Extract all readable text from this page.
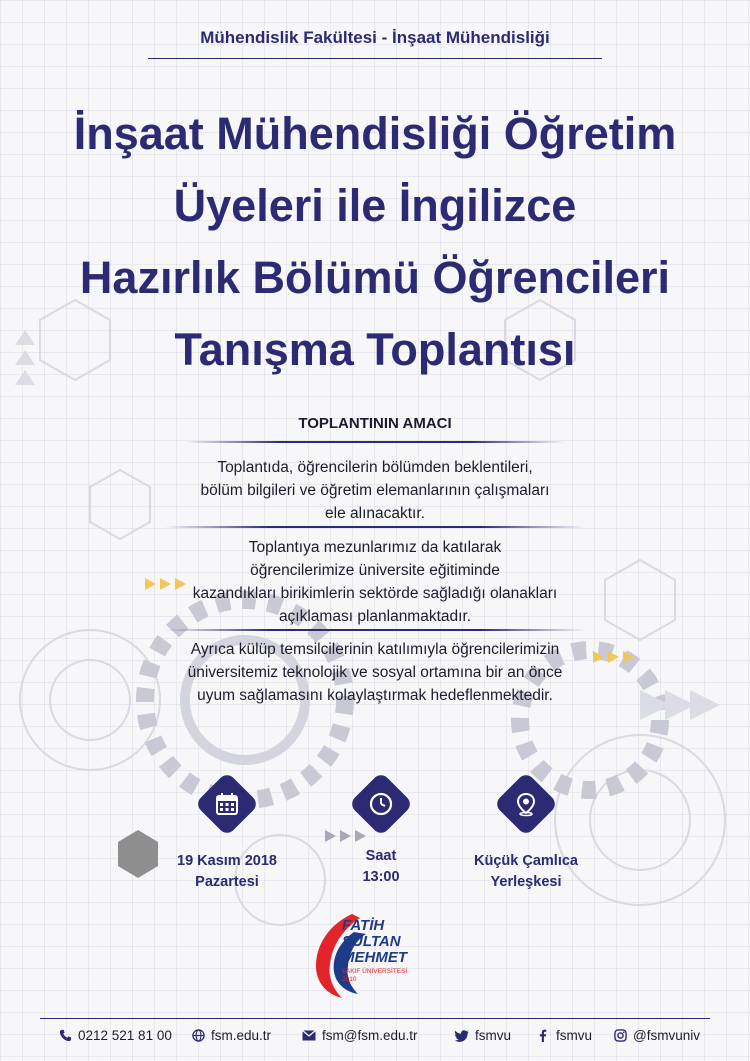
Mühendislik Fakültesi - İnşaat Mühendisliği
İnşaat Mühendisliği Öğretim
Üyeleri ile İngilizce
Hazırlık Bölümü Öğrencileri
Tanışma Toplantısı
TOPLANTININ AMACI
Toplantıda, öğrencilerin bölümden beklentileri,
bölüm bilgileri ve öğretim elemanlarının çalışmaları
ele alınacaktır.
Toplantıya mezunlarımız da katılarak
öğrencilerimize üniversite eğitiminde
kazandıkları birikimlerin sektörde sağladığı olanakları
açıklaması planlanmaktadır.
Ayrıca külüp temsilcilerinin katılımıyla öğrencilerimizin
üniversitemiz teknolojik ve sosyal ortamına bir an önce
uyum sağlamasını kolaylaştırmak hedeflenmektedir.
19 Kasım 2018
Pazartesi
Saat
13:00
Küçük Çamlıca
Yerleşkesi
FATİH
SULTAN
MEHMET
VAKIF ÜNİVERSİTESİ
2010
0212 521 81 00	fsm.edu.tr	fsm@fsm.edu.tr	fsmvu	fsmvu	@fsmvuniv
